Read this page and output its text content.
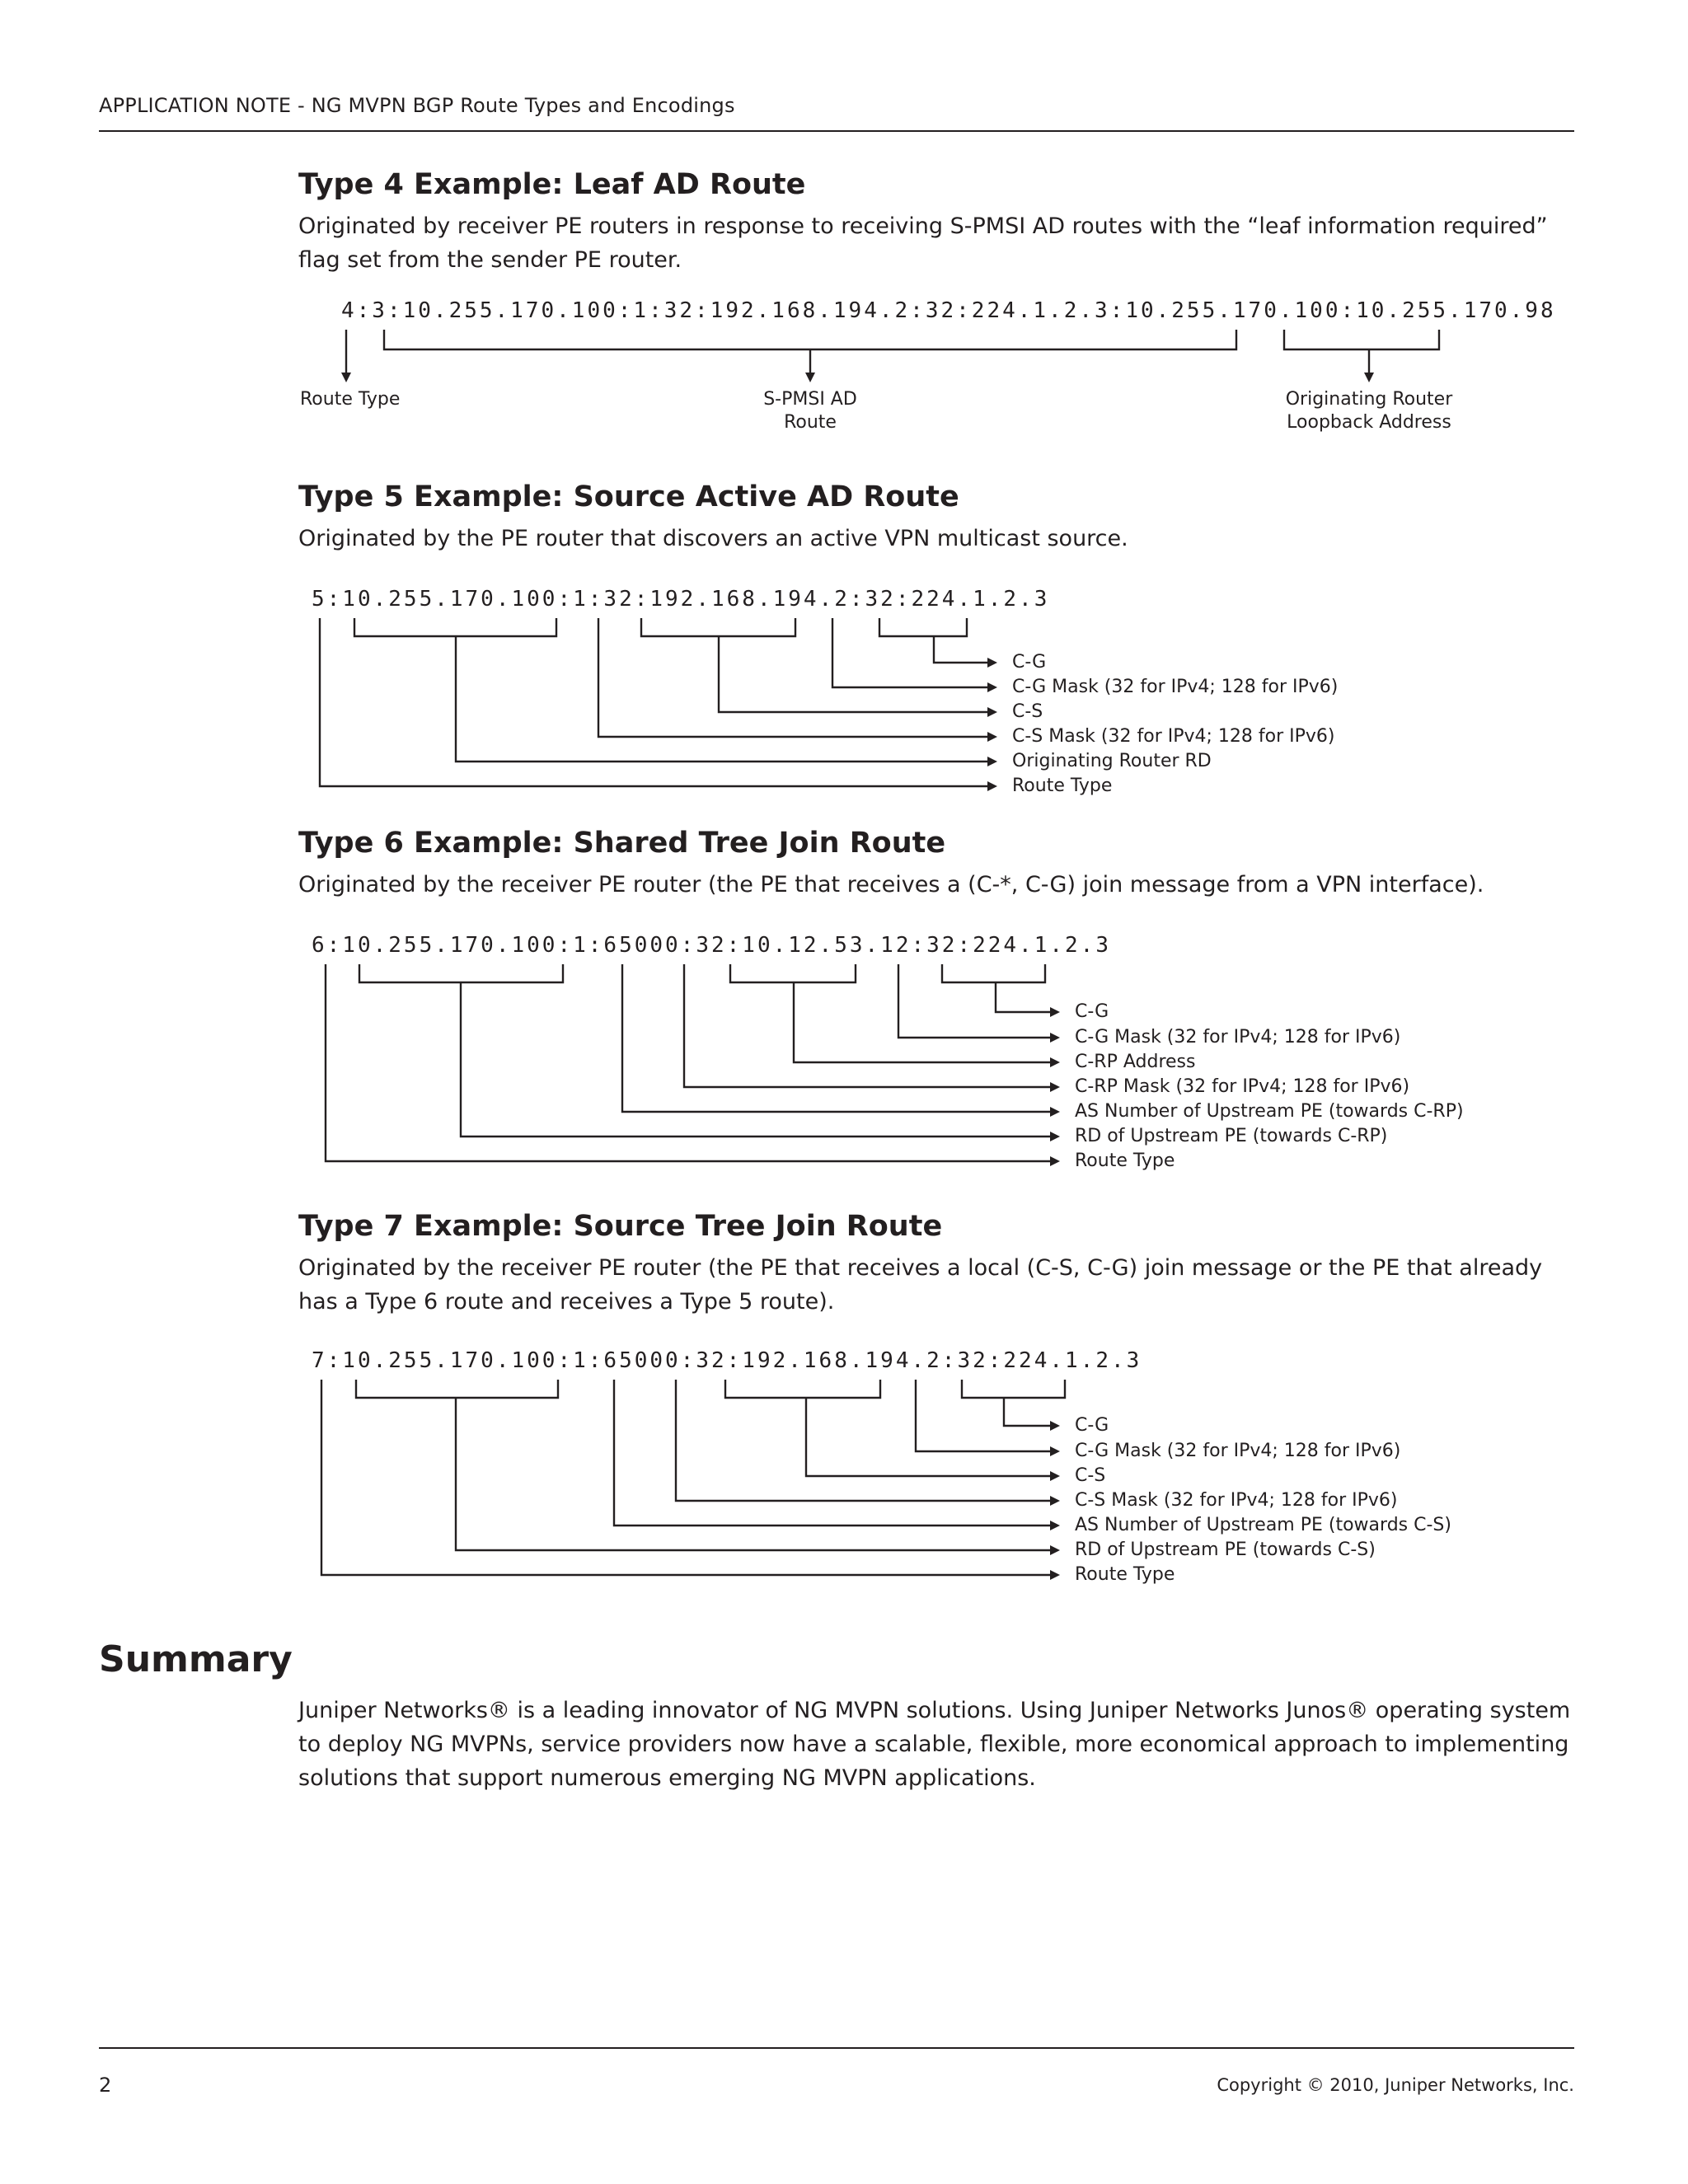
APPLICATION NOTE - NG MVPN BGP Route Types and Encodings
Type 4 Example: Leaf AD Route
Originated by receiver PE routers in response to receiving S-PMSI AD routes with the “leaf information required” flag set from the sender PE router.
4:3:10.255.170.100:1:32:192.168.194.2:32:224.1.2.3:10.255.170.100:10.255.170.98
Route Type	S-PMSI AD
Route
Originating Router
Loopback Address
Type 5 Example: Source Active AD Route
Originated by the PE router that discovers an active VPN multicast source.
5:10.255.170.100:1:32:192.168.194.2:32:224.1.2.3
C-G
C-G Mask (32 for IPv4; 128 for IPv6)
C-S
C-S Mask (32 for IPv4; 128 for IPv6)
Originating Router RD
Route Type
Type 6 Example: Shared Tree Join Route
Originated by the receiver PE router (the PE that receives a (C-*, C-G) join message from a VPN interface).
6:10.255.170.100:1:65000:32:10.12.53.12:32:224.1.2.3
C-G
C-G Mask (32 for IPv4; 128 for IPv6)
C-RP Address
C-RP Mask (32 for IPv4; 128 for IPv6)
AS Number of Upstream PE (towards C-RP)
RD of Upstream PE (towards C-RP)
Route Type
Type 7 Example: Source Tree Join Route
Originated by the receiver PE router (the PE that receives a local (C-S, C-G) join message or the PE that already has a Type 6 route and receives a Type 5 route).
7:10.255.170.100:1:65000:32:192.168.194.2:32:224.1.2.3
C-G
C-G Mask (32 for IPv4; 128 for IPv6)
C-S
C-S Mask (32 for IPv4; 128 for IPv6)
AS Number of Upstream PE (towards C-S)
RD of Upstream PE (towards C-S)
Route Type
Summary
Juniper Networks® is a leading innovator of NG MVPN solutions. Using Juniper Networks Junos® operating system to deploy NG MVPNs, service providers now have a scalable, flexible, more economical approach to implementing solutions that support numerous emerging NG MVPN applications.
2	Copyright © 2010, Juniper Networks, Inc.
